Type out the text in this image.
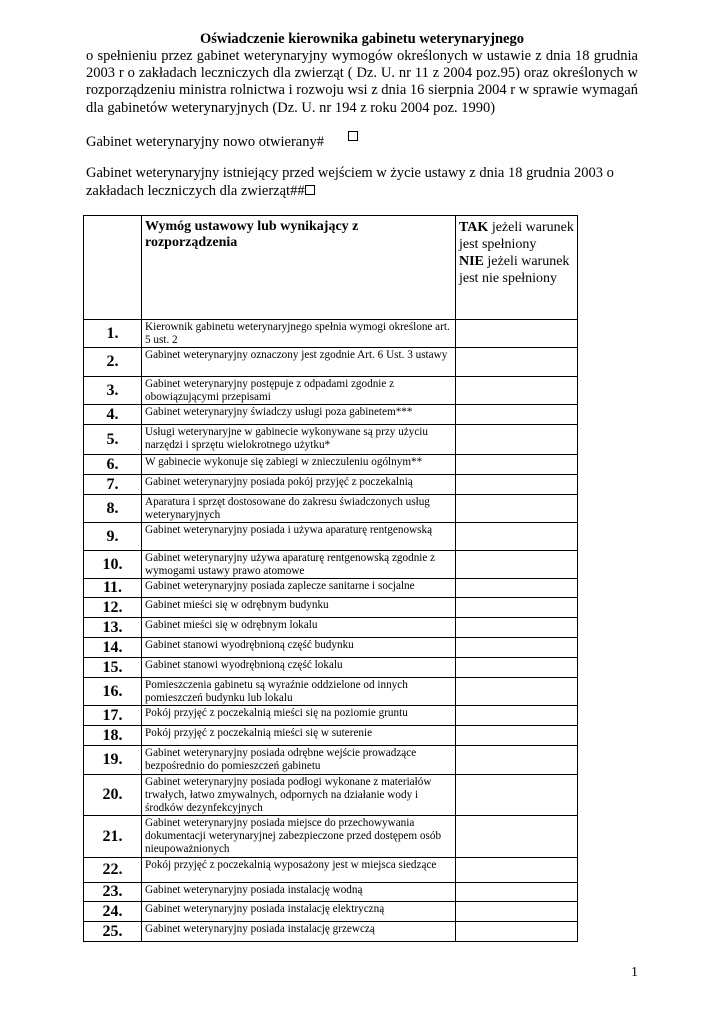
Oświadczenie kierownika gabinetu weterynaryjnego
o spełnieniu przez gabinet weterynaryjny wymogów określonych w ustawie z dnia 18 grudnia 2003 r o zakładach leczniczych dla zwierząt ( Dz. U. nr 11 z 2004 poz.95) oraz określonych w rozporządzeniu ministra rolnictwa i rozwoju wsi z dnia 16 sierpnia 2004 r w sprawie wymagań dla gabinetów weterynaryjnych (Dz. U. nr 194 z roku 2004 poz. 1990)
Gabinet weterynaryjny nowo otwierany#
Gabinet weterynaryjny istniejący przed wejściem w życie ustawy z dnia 18 grudnia 2003 o zakładach leczniczych dla zwierząt##
	Wymóg ustawowy lub wynikający z rozporządzenia	TAK jeżeli warunek jest spełniony
NIE jeżeli warunek jest nie spełniony
1.	Kierownik gabinetu weterynaryjnego spełnia wymogi określone art. 5 ust. 2	
2.	Gabinet weterynaryjny oznaczony jest zgodnie Art. 6 Ust. 3 ustawy	
3.	Gabinet weterynaryjny postępuje z odpadami zgodnie z obowiązującymi przepisami	
4.	Gabinet weterynaryjny świadczy usługi poza gabinetem***	
5.	Usługi weterynaryjne w gabinecie wykonywane są przy użyciu narzędzi i sprzętu wielokrotnego użytku*	
6.	W gabinecie wykonuje się zabiegi w znieczuleniu ogólnym**	
7.	Gabinet weterynaryjny posiada pokój przyjęć z poczekalnią	
8.	Aparatura i sprzęt dostosowane do zakresu świadczonych usług weterynaryjnych	
9.	Gabinet weterynaryjny posiada i używa aparaturę rentgenowską	
10.	Gabinet weterynaryjny używa aparaturę rentgenowską zgodnie z wymogami ustawy prawo atomowe	
11.	Gabinet weterynaryjny posiada zaplecze sanitarne i socjalne	
12.	Gabinet mieści się w odrębnym budynku	
13.	Gabinet mieści się w odrębnym lokalu	
14.	Gabinet stanowi wyodrębnioną część budynku	
15.	Gabinet stanowi wyodrębnioną część lokalu	
16.	Pomieszczenia gabinetu są wyraźnie oddzielone od innych pomieszczeń budynku lub lokalu	
17.	Pokój przyjęć z poczekalnią mieści się na poziomie gruntu	
18.	Pokój przyjęć z poczekalnią mieści się w suterenie	
19.	Gabinet weterynaryjny posiada odrębne wejście prowadzące bezpośrednio do pomieszczeń gabinetu	
20.	Gabinet weterynaryjny posiada podłogi wykonane z materiałów trwałych, łatwo zmywalnych, odpornych na działanie wody i środków dezynfekcyjnych	
21.	Gabinet weterynaryjny posiada miejsce do przechowywania dokumentacji weterynaryjnej zabezpieczone przed dostępem osób nieupoważnionych	
22.	Pokój przyjęć z poczekalnią wyposażony jest w miejsca siedzące	
23.	Gabinet weterynaryjny posiada instalację wodną	
24.	Gabinet weterynaryjny posiada instalację elektryczną	
25.	Gabinet weterynaryjny posiada instalację grzewczą	
1
